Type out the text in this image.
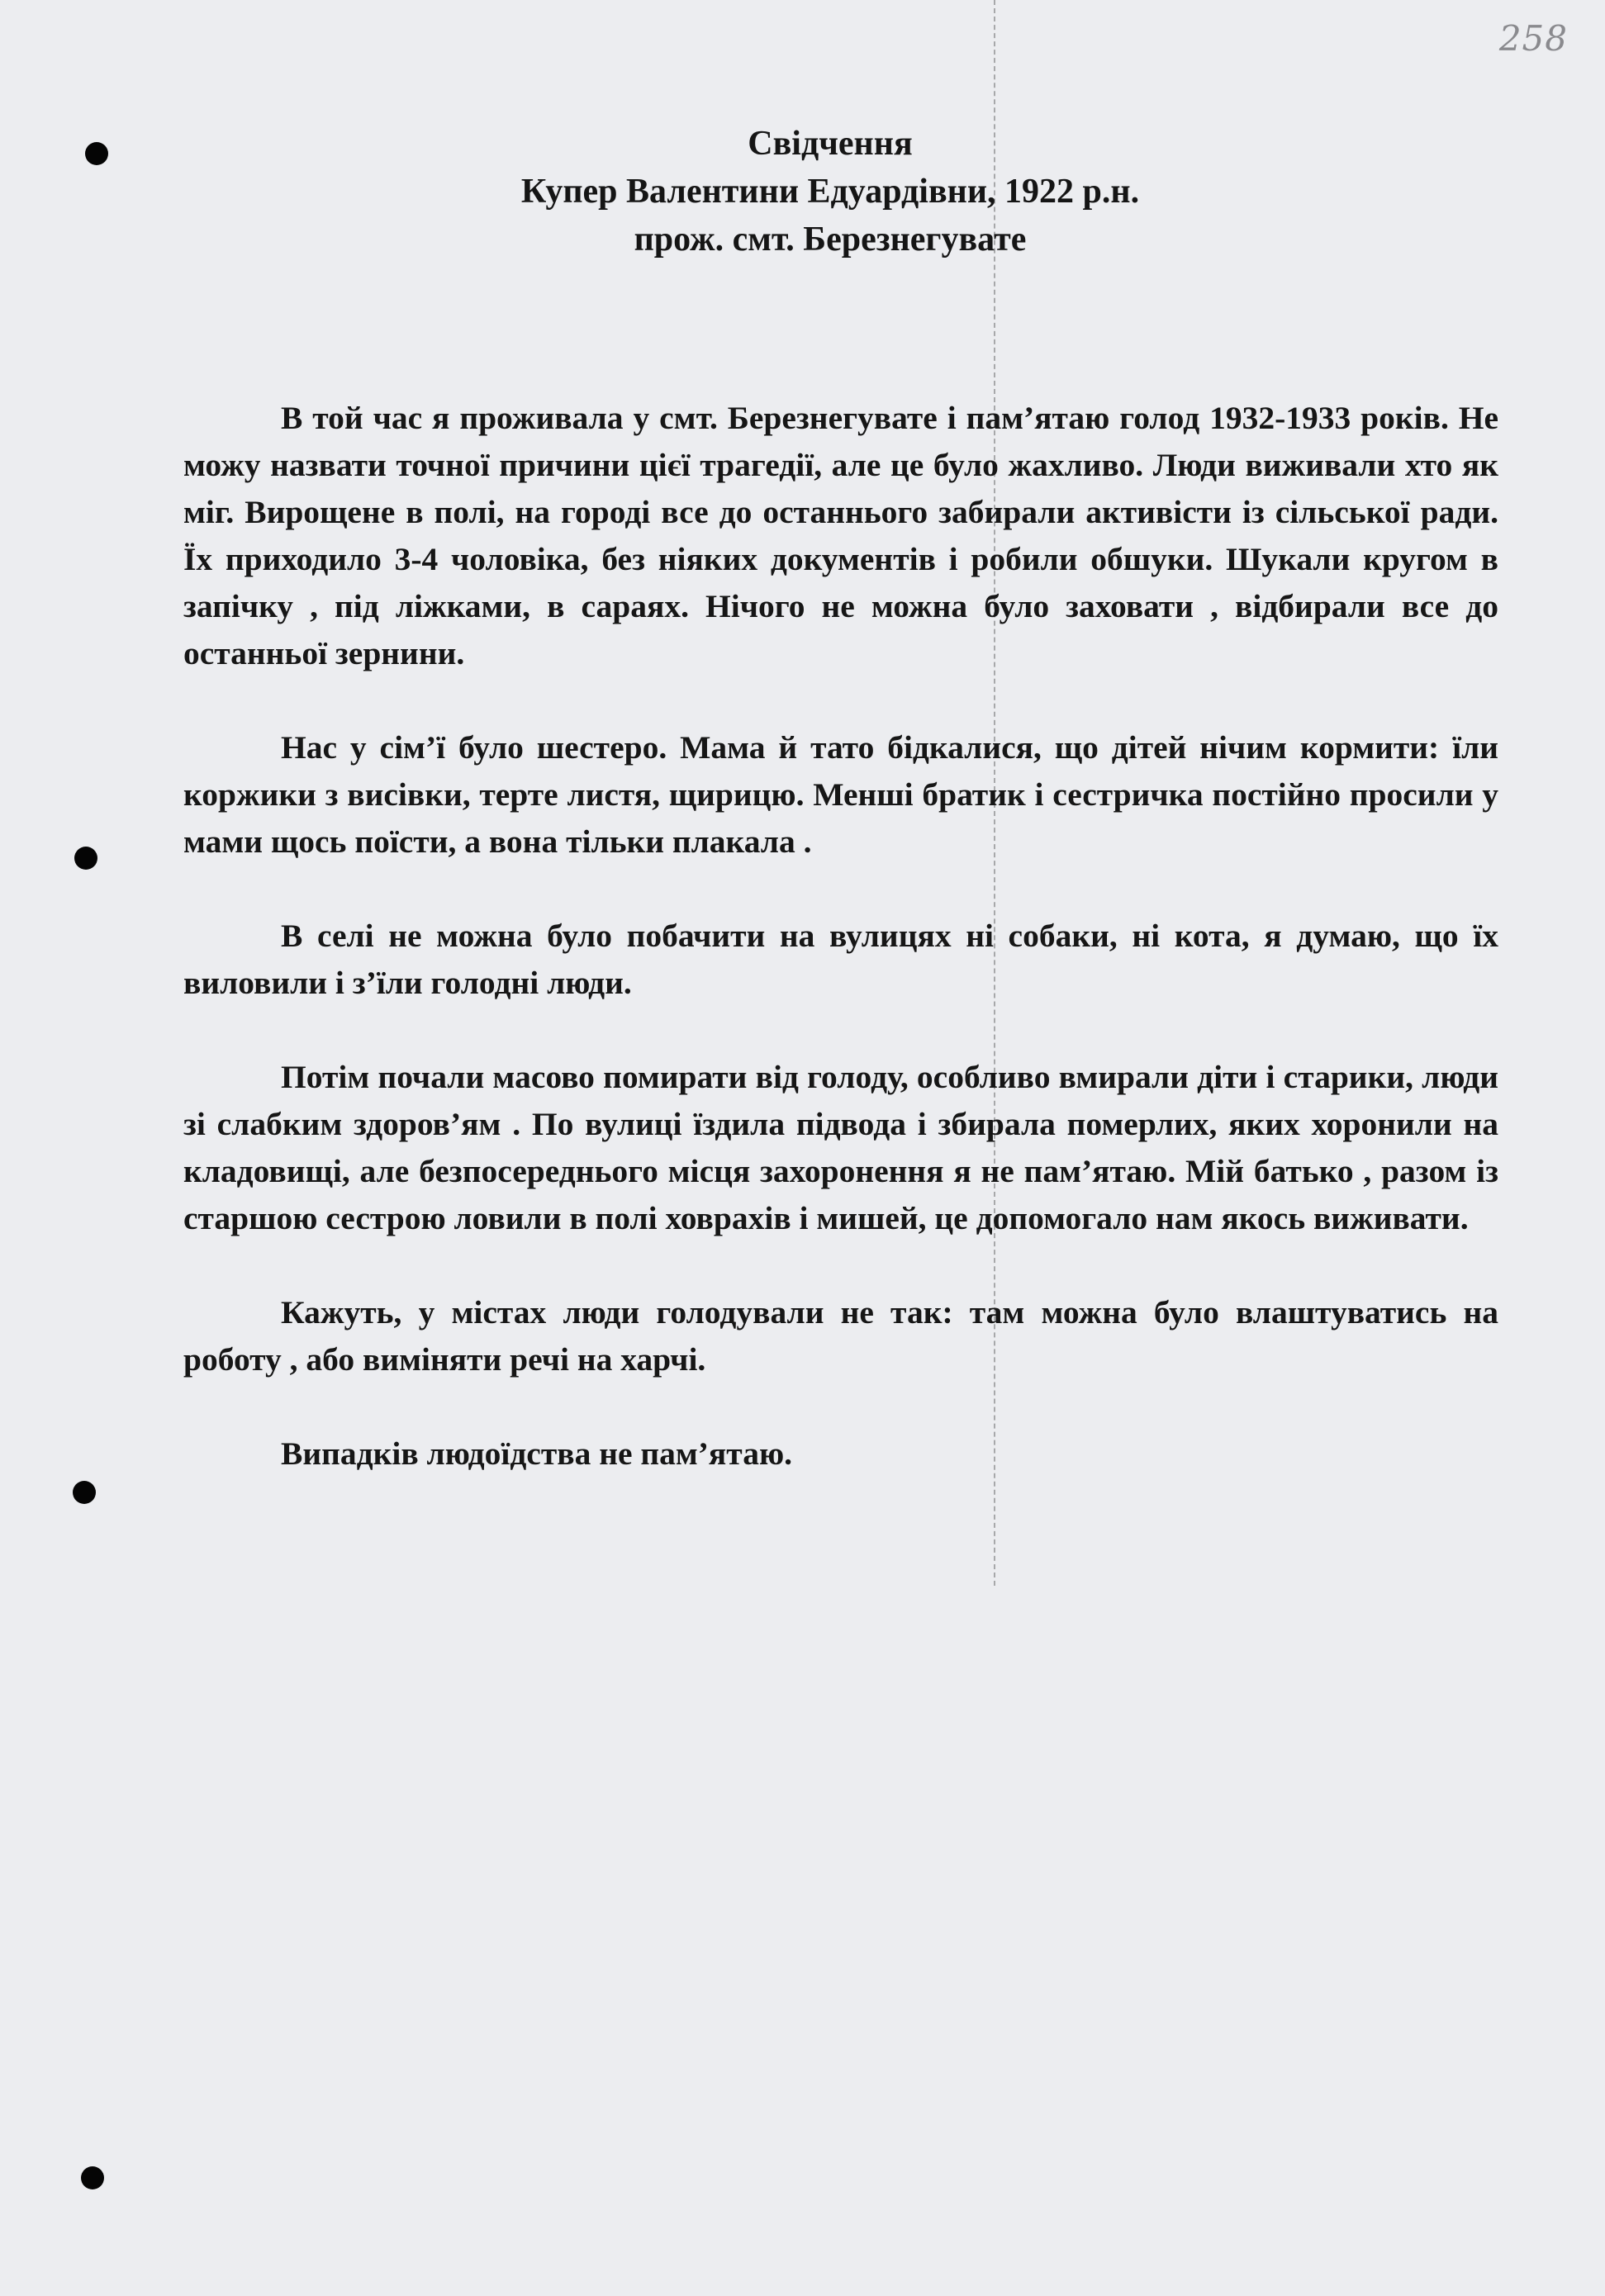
258
Свідчення
Купер Валентини Едуардівни, 1922 р.н.
прож. смт. Березнегувате

В той час я проживала у смт. Березнегувате і пам’ятаю голод 1932-1933 років. Не можу назвати точної причини цієї трагедії, але це було жахливо. Люди виживали хто як міг. Вирощене в полі, на городі все до останнього забирали активісти із сільської ради. Їх приходило 3-4 чоловіка, без ніяких документів і робили обшуки. Шукали кругом в запічку , під ліжками, в сараях. Нічого не можна було заховати , відбирали все до останньої зернини.

Нас у сім’ї було шестеро. Мама й тато бідкалися, що дітей нічим кормити: їли коржики з висівки, терте листя, щирицю. Менші братик і сестричка постійно просили у мами щось поїсти, а вона тільки плакала .

В селі не можна було побачити на вулицях ні собаки, ні кота, я думаю, що їх виловили і з’їли голодні люди.

Потім почали масово помирати від голоду, особливо вмирали діти і старики, люди зі слабким здоров’ям . По вулиці їздила підвода і збирала померлих, яких хоронили на кладовищі, але безпосереднього місця захоронення я не пам’ятаю. Мій батько , разом із старшою сестрою ловили в полі ховрахів і мишей, це допомогало нам якось виживати.

Кажуть, у містах люди голодували не так: там можна було влаштуватись на роботу , або виміняти речі на харчі.

Випадків людоїдства не пам’ятаю.
